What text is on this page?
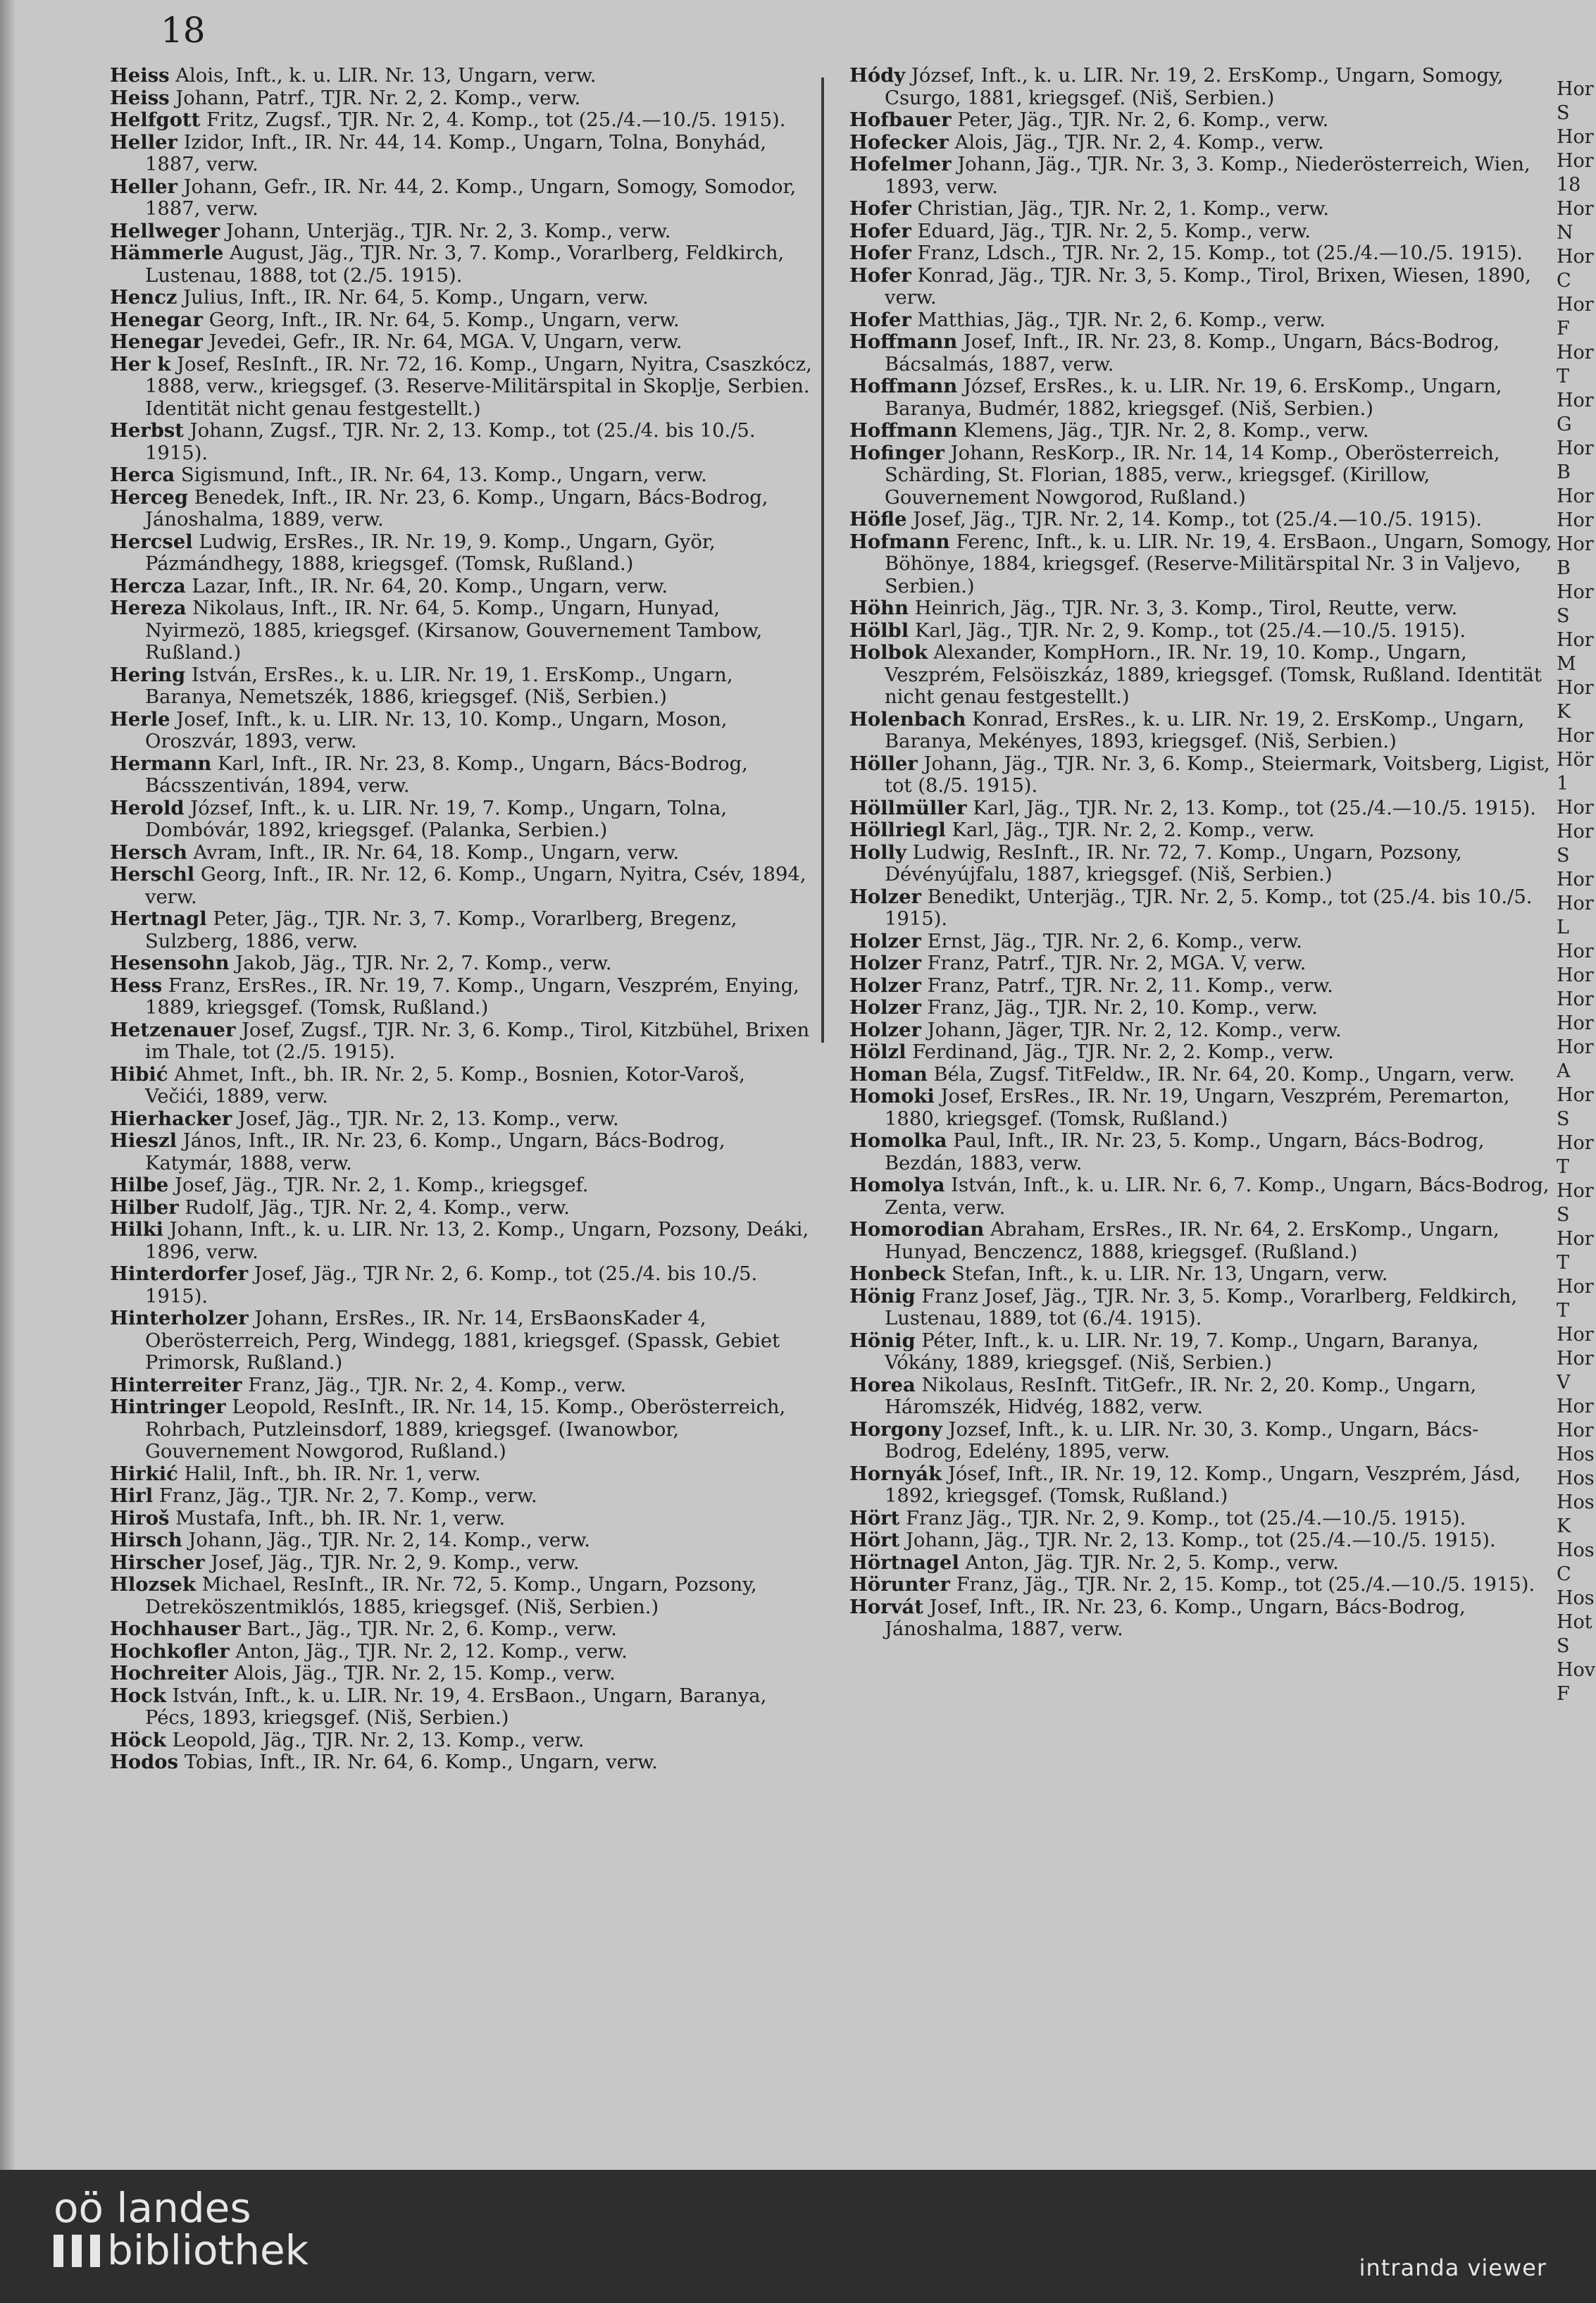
18

Heiss Alois, Inft., k. u. LIR. Nr. 13, Ungarn, verw.

Heiss Johann, Patrf., TJR. Nr. 2, 2. Komp., verw.

Helfgott Fritz, Zugsf., TJR. Nr. 2, 4. Komp., tot (25./4.—10./5. 1915).

Heller Izidor, Inft., IR. Nr. 44, 14. Komp., Ungarn, Tolna, Bonyhád, 1887, verw.

Heller Johann, Gefr., IR. Nr. 44, 2. Komp., Ungarn, Somogy, Somodor, 1887, verw.

Hellweger Johann, Unterjäg., TJR. Nr. 2, 3. Komp., verw.

Hämmerle August, Jäg., TJR. Nr. 3, 7. Komp., Vorarlberg, Feldkirch, Lustenau, 1888, tot (2./5. 1915).

Hencz Julius, Inft., IR. Nr. 64, 5. Komp., Ungarn, verw.

Henegar Georg, Inft., IR. Nr. 64, 5. Komp., Ungarn, verw.

Henegar Jevedei, Gefr., IR. Nr. 64, MGA. V, Ungarn, verw.

Her k Josef, ResInft., IR. Nr. 72, 16. Komp., Ungarn, Nyitra, Csaszkócz, 1888, verw., kriegsgef. (3. Reserve-Militärspital in Skoplje, Serbien. Identität nicht genau festgestellt.)

Herbst Johann, Zugsf., TJR. Nr. 2, 13. Komp., tot (25./4. bis 10./5. 1915).

Herca Sigismund, Inft., IR. Nr. 64, 13. Komp., Ungarn, verw.

Herceg Benedek, Inft., IR. Nr. 23, 6. Komp., Ungarn, Bács-Bodrog, Jánoshalma, 1889, verw.

Hercsel Ludwig, ErsRes., IR. Nr. 19, 9. Komp., Ungarn, Györ, Pázmándhegy, 1888, kriegsgef. (Tomsk, Rußland.)

Hercza Lazar, Inft., IR. Nr. 64, 20. Komp., Ungarn, verw.

Hereza Nikolaus, Inft., IR. Nr. 64, 5. Komp., Ungarn, Hunyad, Nyirmezö, 1885, kriegsgef. (Kirsanow, Gouvernement Tambow, Rußland.)

Hering István, ErsRes., k. u. LIR. Nr. 19, 1. ErsKomp., Ungarn, Baranya, Nemetszék, 1886, kriegsgef. (Niš, Serbien.)

Herle Josef, Inft., k. u. LIR. Nr. 13, 10. Komp., Ungarn, Moson, Oroszvár, 1893, verw.

Hermann Karl, Inft., IR. Nr. 23, 8. Komp., Ungarn, Bács-Bodrog, Bácsszentiván, 1894, verw.

Herold József, Inft., k. u. LIR. Nr. 19, 7. Komp., Ungarn, Tolna, Dombóvár, 1892, kriegsgef. (Palanka, Serbien.)

Hersch Avram, Inft., IR. Nr. 64, 18. Komp., Ungarn, verw.

Herschl Georg, Inft., IR. Nr. 12, 6. Komp., Ungarn, Nyitra, Csév, 1894, verw.

Hertnagl Peter, Jäg., TJR. Nr. 3, 7. Komp., Vorarlberg, Bregenz, Sulzberg, 1886, verw.

Hesensohn Jakob, Jäg., TJR. Nr. 2, 7. Komp., verw.

Hess Franz, ErsRes., IR. Nr. 19, 7. Komp., Ungarn, Veszprém, Enying, 1889, kriegsgef. (Tomsk, Rußland.)

Hetzenauer Josef, Zugsf., TJR. Nr. 3, 6. Komp., Tirol, Kitzbühel, Brixen im Thale, tot (2./5. 1915).

Hibić Ahmet, Inft., bh. IR. Nr. 2, 5. Komp., Bosnien, Kotor-Varoš, Večići, 1889, verw.

Hierhacker Josef, Jäg., TJR. Nr. 2, 13. Komp., verw.

Hieszl János, Inft., IR. Nr. 23, 6. Komp., Ungarn, Bács-Bodrog, Katymár, 1888, verw.

Hilbe Josef, Jäg., TJR. Nr. 2, 1. Komp., kriegsgef.

Hilber Rudolf, Jäg., TJR. Nr. 2, 4. Komp., verw.

Hilki Johann, Inft., k. u. LIR. Nr. 13, 2. Komp., Ungarn, Pozsony, Deáki, 1896, verw.

Hinterdorfer Josef, Jäg., TJR Nr. 2, 6. Komp., tot (25./4. bis 10./5. 1915).

Hinterholzer Johann, ErsRes., IR. Nr. 14, ErsBaonsKader 4, Oberösterreich, Perg, Windegg, 1881, kriegsgef. (Spassk, Gebiet Primorsk, Rußland.)

Hinterreiter Franz, Jäg., TJR. Nr. 2, 4. Komp., verw.

Hintringer Leopold, ResInft., IR. Nr. 14, 15. Komp., Oberösterreich, Rohrbach, Putzleinsdorf, 1889, kriegsgef. (Iwanowbor, Gouvernement Nowgorod, Rußland.)

Hirkić Halil, Inft., bh. IR. Nr. 1, verw.

Hirl Franz, Jäg., TJR. Nr. 2, 7. Komp., verw.

Hiroš Mustafa, Inft., bh. IR. Nr. 1, verw.

Hirsch Johann, Jäg., TJR. Nr. 2, 14. Komp., verw.

Hirscher Josef, Jäg., TJR. Nr. 2, 9. Komp., verw.

Hlozsek Michael, ResInft., IR. Nr. 72, 5. Komp., Ungarn, Pozsony, Detreköszentmiklós, 1885, kriegsgef. (Niš, Serbien.)

Hochhauser Bart., Jäg., TJR. Nr. 2, 6. Komp., verw.

Hochkofler Anton, Jäg., TJR. Nr. 2, 12. Komp., verw.

Hochreiter Alois, Jäg., TJR. Nr. 2, 15. Komp., verw.

Hock István, Inft., k. u. LIR. Nr. 19, 4. ErsBaon., Ungarn, Baranya, Pécs, 1893, kriegsgef. (Niš, Serbien.)

Höck Leopold, Jäg., TJR. Nr. 2, 13. Komp., verw.

Hodos Tobias, Inft., IR. Nr. 64, 6. Komp., Ungarn, verw.

Hódy József, Inft., k. u. LIR. Nr. 19, 2. ErsKomp., Ungarn, Somogy, Csurgo, 1881, kriegsgef. (Niš, Serbien.)

Hofbauer Peter, Jäg., TJR. Nr. 2, 6. Komp., verw.

Hofecker Alois, Jäg., TJR. Nr. 2, 4. Komp., verw.

Hofelmer Johann, Jäg., TJR. Nr. 3, 3. Komp., Niederösterreich, Wien, 1893, verw.

Hofer Christian, Jäg., TJR. Nr. 2, 1. Komp., verw.

Hofer Eduard, Jäg., TJR. Nr. 2, 5. Komp., verw.

Hofer Franz, Ldsch., TJR. Nr. 2, 15. Komp., tot (25./4.—10./5. 1915).

Hofer Konrad, Jäg., TJR. Nr. 3, 5. Komp., Tirol, Brixen, Wiesen, 1890, verw.

Hofer Matthias, Jäg., TJR. Nr. 2, 6. Komp., verw.

Hoffmann Josef, Inft., IR. Nr. 23, 8. Komp., Ungarn, Bács-Bodrog, Bácsalmás, 1887, verw.

Hoffmann József, ErsRes., k. u. LIR. Nr. 19, 6. ErsKomp., Ungarn, Baranya, Budmér, 1882, kriegsgef. (Niš, Serbien.)

Hoffmann Klemens, Jäg., TJR. Nr. 2, 8. Komp., verw.

Hofinger Johann, ResKorp., IR. Nr. 14, 14 Komp., Oberösterreich, Schärding, St. Florian, 1885, verw., kriegsgef. (Kirillow, Gouvernement Nowgorod, Rußland.)

Höfle Josef, Jäg., TJR. Nr. 2, 14. Komp., tot (25./4.—10./5. 1915).

Hofmann Ferenc, Inft., k. u. LIR. Nr. 19, 4. ErsBaon., Ungarn, Somogy, Böhönye, 1884, kriegsgef. (Reserve-Militärspital Nr. 3 in Valjevo, Serbien.)

Höhn Heinrich, Jäg., TJR. Nr. 3, 3. Komp., Tirol, Reutte, verw.

Hölbl Karl, Jäg., TJR. Nr. 2, 9. Komp., tot (25./4.—10./5. 1915).

Holbok Alexander, KompHorn., IR. Nr. 19, 10. Komp., Ungarn, Veszprém, Felsöiszkáz, 1889, kriegsgef. (Tomsk, Rußland. Identität nicht genau festgestellt.)

Holenbach Konrad, ErsRes., k. u. LIR. Nr. 19, 2. ErsKomp., Ungarn, Baranya, Mekényes, 1893, kriegsgef. (Niš, Serbien.)

Höller Johann, Jäg., TJR. Nr. 3, 6. Komp., Steiermark, Voitsberg, Ligist, tot (8./5. 1915).

Höllmüller Karl, Jäg., TJR. Nr. 2, 13. Komp., tot (25./4.—10./5. 1915).

Höllriegl Karl, Jäg., TJR. Nr. 2, 2. Komp., verw.

Holly Ludwig, ResInft., IR. Nr. 72, 7. Komp., Ungarn, Pozsony, Dévényújfalu, 1887, kriegsgef. (Niš, Serbien.)

Holzer Benedikt, Unterjäg., TJR. Nr. 2, 5. Komp., tot (25./4. bis 10./5. 1915).

Holzer Ernst, Jäg., TJR. Nr. 2, 6. Komp., verw.

Holzer Franz, Patrf., TJR. Nr. 2, MGA. V, verw.

Holzer Franz, Patrf., TJR. Nr. 2, 11. Komp., verw.

Holzer Franz, Jäg., TJR. Nr. 2, 10. Komp., verw.

Holzer Johann, Jäger, TJR. Nr. 2, 12. Komp., verw.

Hölzl Ferdinand, Jäg., TJR. Nr. 2, 2. Komp., verw.

Homan Béla, Zugsf. TitFeldw., IR. Nr. 64, 20. Komp., Ungarn, verw.

Homoki Josef, ErsRes., IR. Nr. 19, Ungarn, Veszprém, Peremarton, 1880, kriegsgef. (Tomsk, Rußland.)

Homolka Paul, Inft., IR. Nr. 23, 5. Komp., Ungarn, Bács-Bodrog, Bezdán, 1883, verw.

Homolya István, Inft., k. u. LIR. Nr. 6, 7. Komp., Ungarn, Bács-Bodrog, Zenta, verw.

Homorodian Abraham, ErsRes., IR. Nr. 64, 2. ErsKomp., Ungarn, Hunyad, Benczencz, 1888, kriegsgef. (Rußland.)

Honbeck Stefan, Inft., k. u. LIR. Nr. 13, Ungarn, verw.

Hönig Franz Josef, Jäg., TJR. Nr. 3, 5. Komp., Vorarlberg, Feldkirch, Lustenau, 1889, tot (6./4. 1915).

Hönig Péter, Inft., k. u. LIR. Nr. 19, 7. Komp., Ungarn, Baranya, Vókány, 1889, kriegsgef. (Niš, Serbien.)

Horea Nikolaus, ResInft. TitGefr., IR. Nr. 2, 20. Komp., Ungarn, Háromszék, Hidvég, 1882, verw.

Horgony Jozsef, Inft., k. u. LIR. Nr. 30, 3. Komp., Ungarn, Bács-Bodrog, Edelény, 1895, verw.

Hornyák Jósef, Inft., IR. Nr. 19, 12. Komp., Ungarn, Veszprém, Jásd, 1892, kriegsgef. (Tomsk, Rußland.)

Hört Franz Jäg., TJR. Nr. 2, 9. Komp., tot (25./4.—10./5. 1915).

Hört Johann, Jäg., TJR. Nr. 2, 13. Komp., tot (25./4.—10./5. 1915).

Hörtnagel Anton, Jäg. TJR. Nr. 2, 5. Komp., verw.

Hörunter Franz, Jäg., TJR. Nr. 2, 15. Komp., tot (25./4.—10./5. 1915).

Horvát Josef, Inft., IR. Nr. 23, 6. Komp., Ungarn, Bács-Bodrog, Jánoshalma, 1887, verw.

Hor
S
Hor
Hor
18
Hor
N
Hor
C
Hor
F
Hor
T
Hor
G
Hor
B
Hor
Hor
Hor
B
Hor
S
Hor
M
Hor
K
Hor
Hör
1
Hor
Hor
S
Hor
Hor
L
Hor
Hor
Hor
Hor
Hor
A
Hor
S
Hor
T
Hor
S
Hor
T
Hor
T
Hor
Hor
V
Hor
Hor
Hos
Hos
Hos
K
Hos
C
Hos
Hot
S
Hov
F
oö landes
bibliothek	intranda viewer
